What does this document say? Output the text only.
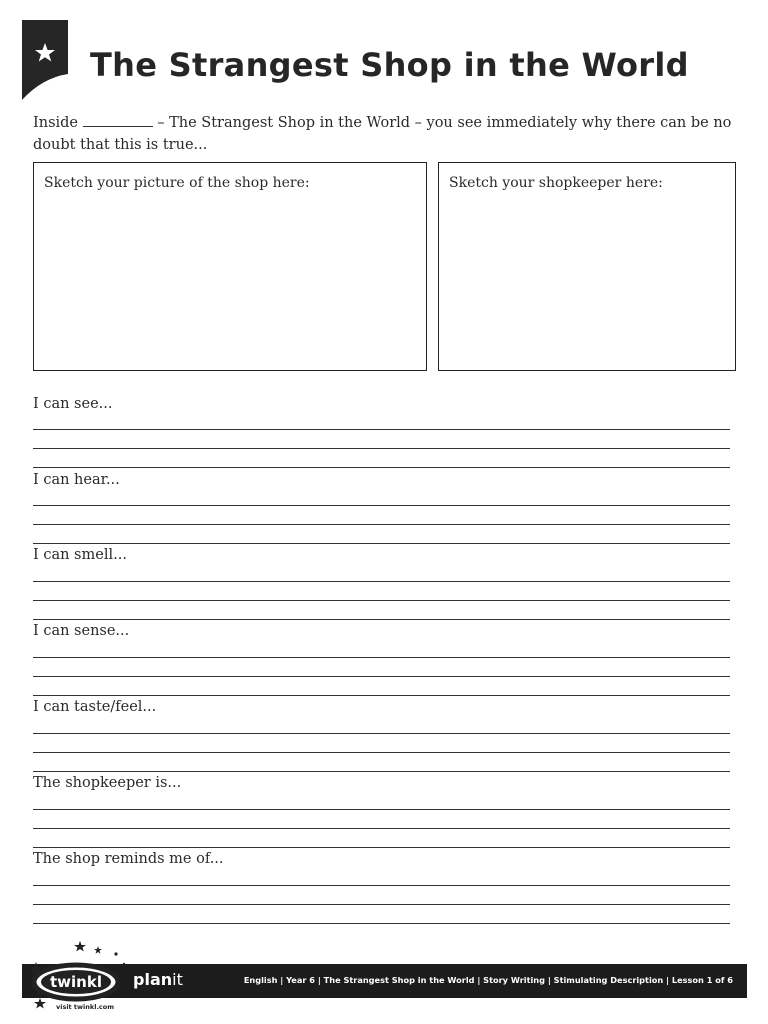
The Strangest Shop in the World
Inside	– The Strangest Shop in the World – you see immediately why there can be no doubt that this is true...
Sketch your picture of the shop here:	Sketch your shopkeeper here:
I can see...
I can hear...
I can smell...
I can sense...
I can taste/feel...
The shopkeeper is...
The shop reminds me of...
English | Year 6 | The Strangest Shop in the World | Story Writing | Stimulating Description | Lesson 1 of 6
twinkl planit
visit twinkl.com
